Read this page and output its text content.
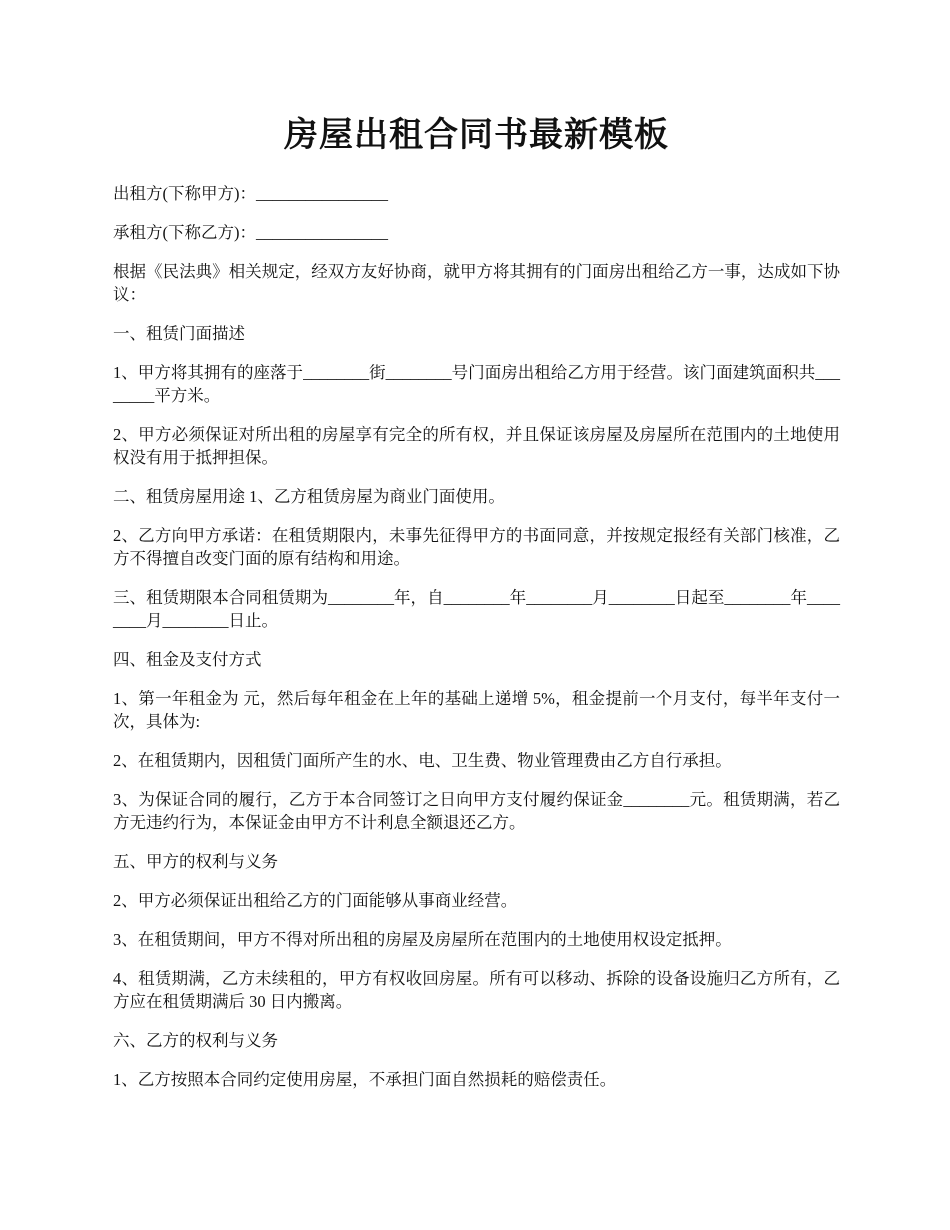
房屋出租合同书最新模板

出租方(下称甲方)：________________

承租方(下称乙方)：________________

根据《民法典》相关规定，经双方友好协商，就甲方将其拥有的门面房出租给乙方一事，达成如下协议：

一、租赁门面描述

1、甲方将其拥有的座落于________街________号门面房出租给乙方用于经营。该门面建筑面积共________平方米。

2、甲方必须保证对所出租的房屋享有完全的所有权，并且保证该房屋及房屋所在范围内的土地使用权没有用于抵押担保。

二、租赁房屋用途 1、乙方租赁房屋为商业门面使用。

2、乙方向甲方承诺：在租赁期限内，未事先征得甲方的书面同意，并按规定报经有关部门核准，乙方不得擅自改变门面的原有结构和用途。

三、租赁期限本合同租赁期为________年，自________年________月________日起至________年________月________日止。

四、租金及支付方式

1、第一年租金为 元，然后每年租金在上年的基础上递增 5%，租金提前一个月支付，每半年支付一次，具体为:

2、在租赁期内，因租赁门面所产生的水、电、卫生费、物业管理费由乙方自行承担。

3、为保证合同的履行，乙方于本合同签订之日向甲方支付履约保证金________元。租赁期满，若乙方无违约行为，本保证金由甲方不计利息全额退还乙方。

五、甲方的权利与义务

2、甲方必须保证出租给乙方的门面能够从事商业经营。

3、在租赁期间，甲方不得对所出租的房屋及房屋所在范围内的土地使用权设定抵押。

4、租赁期满，乙方未续租的，甲方有权收回房屋。所有可以移动、拆除的设备设施归乙方所有，乙方应在租赁期满后 30 日内搬离。

六、乙方的权利与义务

1、乙方按照本合同约定使用房屋，不承担门面自然损耗的赔偿责任。
